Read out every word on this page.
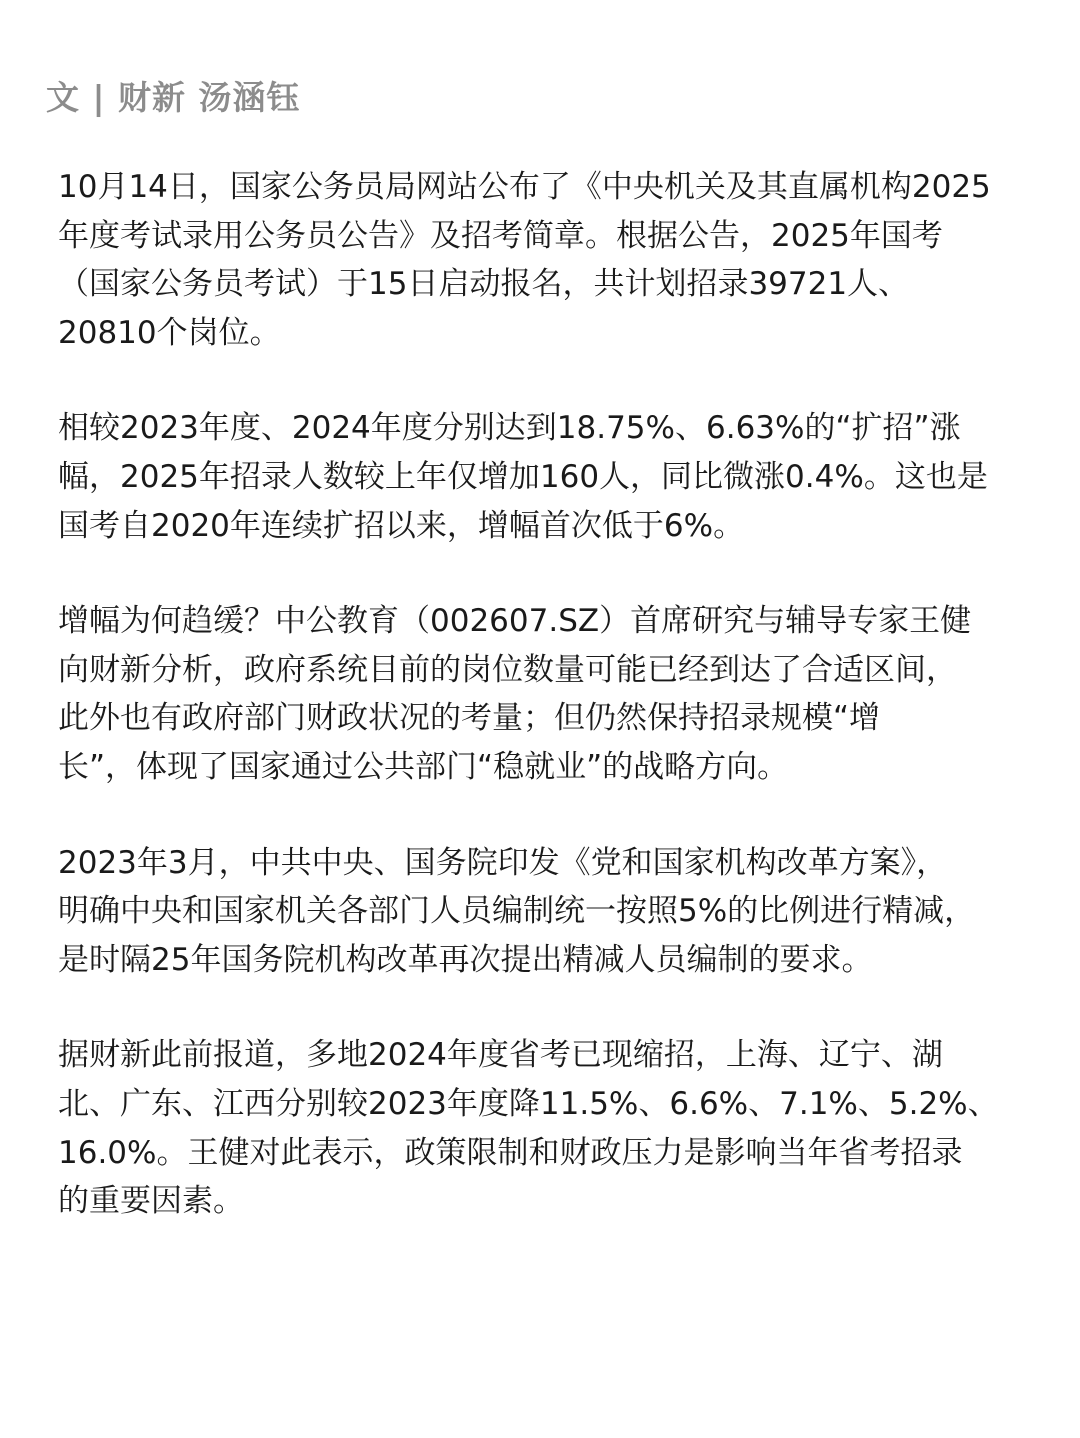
文 | 财新 汤涵钰

10月14日，国家公务员局网站公布了《中央机关及其直属机构2025
年度考试录用公务员公告》及招考简章。根据公告，2025年国考
（国家公务员考试）于15日启动报名，共计划招录39721人、
20810个岗位。

相较2023年度、2024年度分别达到18.75%、6.63%的“扩招”涨
幅，2025年招录人数较上年仅增加160人，同比微涨0.4%。这也是
国考自2020年连续扩招以来，增幅首次低于6%。

增幅为何趋缓？中公教育（002607.SZ）首席研究与辅导专家王健
向财新分析，政府系统目前的岗位数量可能已经到达了合适区间，
此外也有政府部门财政状况的考量；但仍然保持招录规模“增
长”，体现了国家通过公共部门“稳就业”的战略方向。

2023年3月，中共中央、国务院印发《党和国家机构改革方案》，
明确中央和国家机关各部门人员编制统一按照5%的比例进行精减，
是时隔25年国务院机构改革再次提出精减人员编制的要求。

据财新此前报道，多地2024年度省考已现缩招，上海、辽宁、湖
北、广东、江西分别较2023年度降11.5%、6.6%、7.1%、5.2%、
16.0%。王健对此表示，政策限制和财政压力是影响当年省考招录
的重要因素。
